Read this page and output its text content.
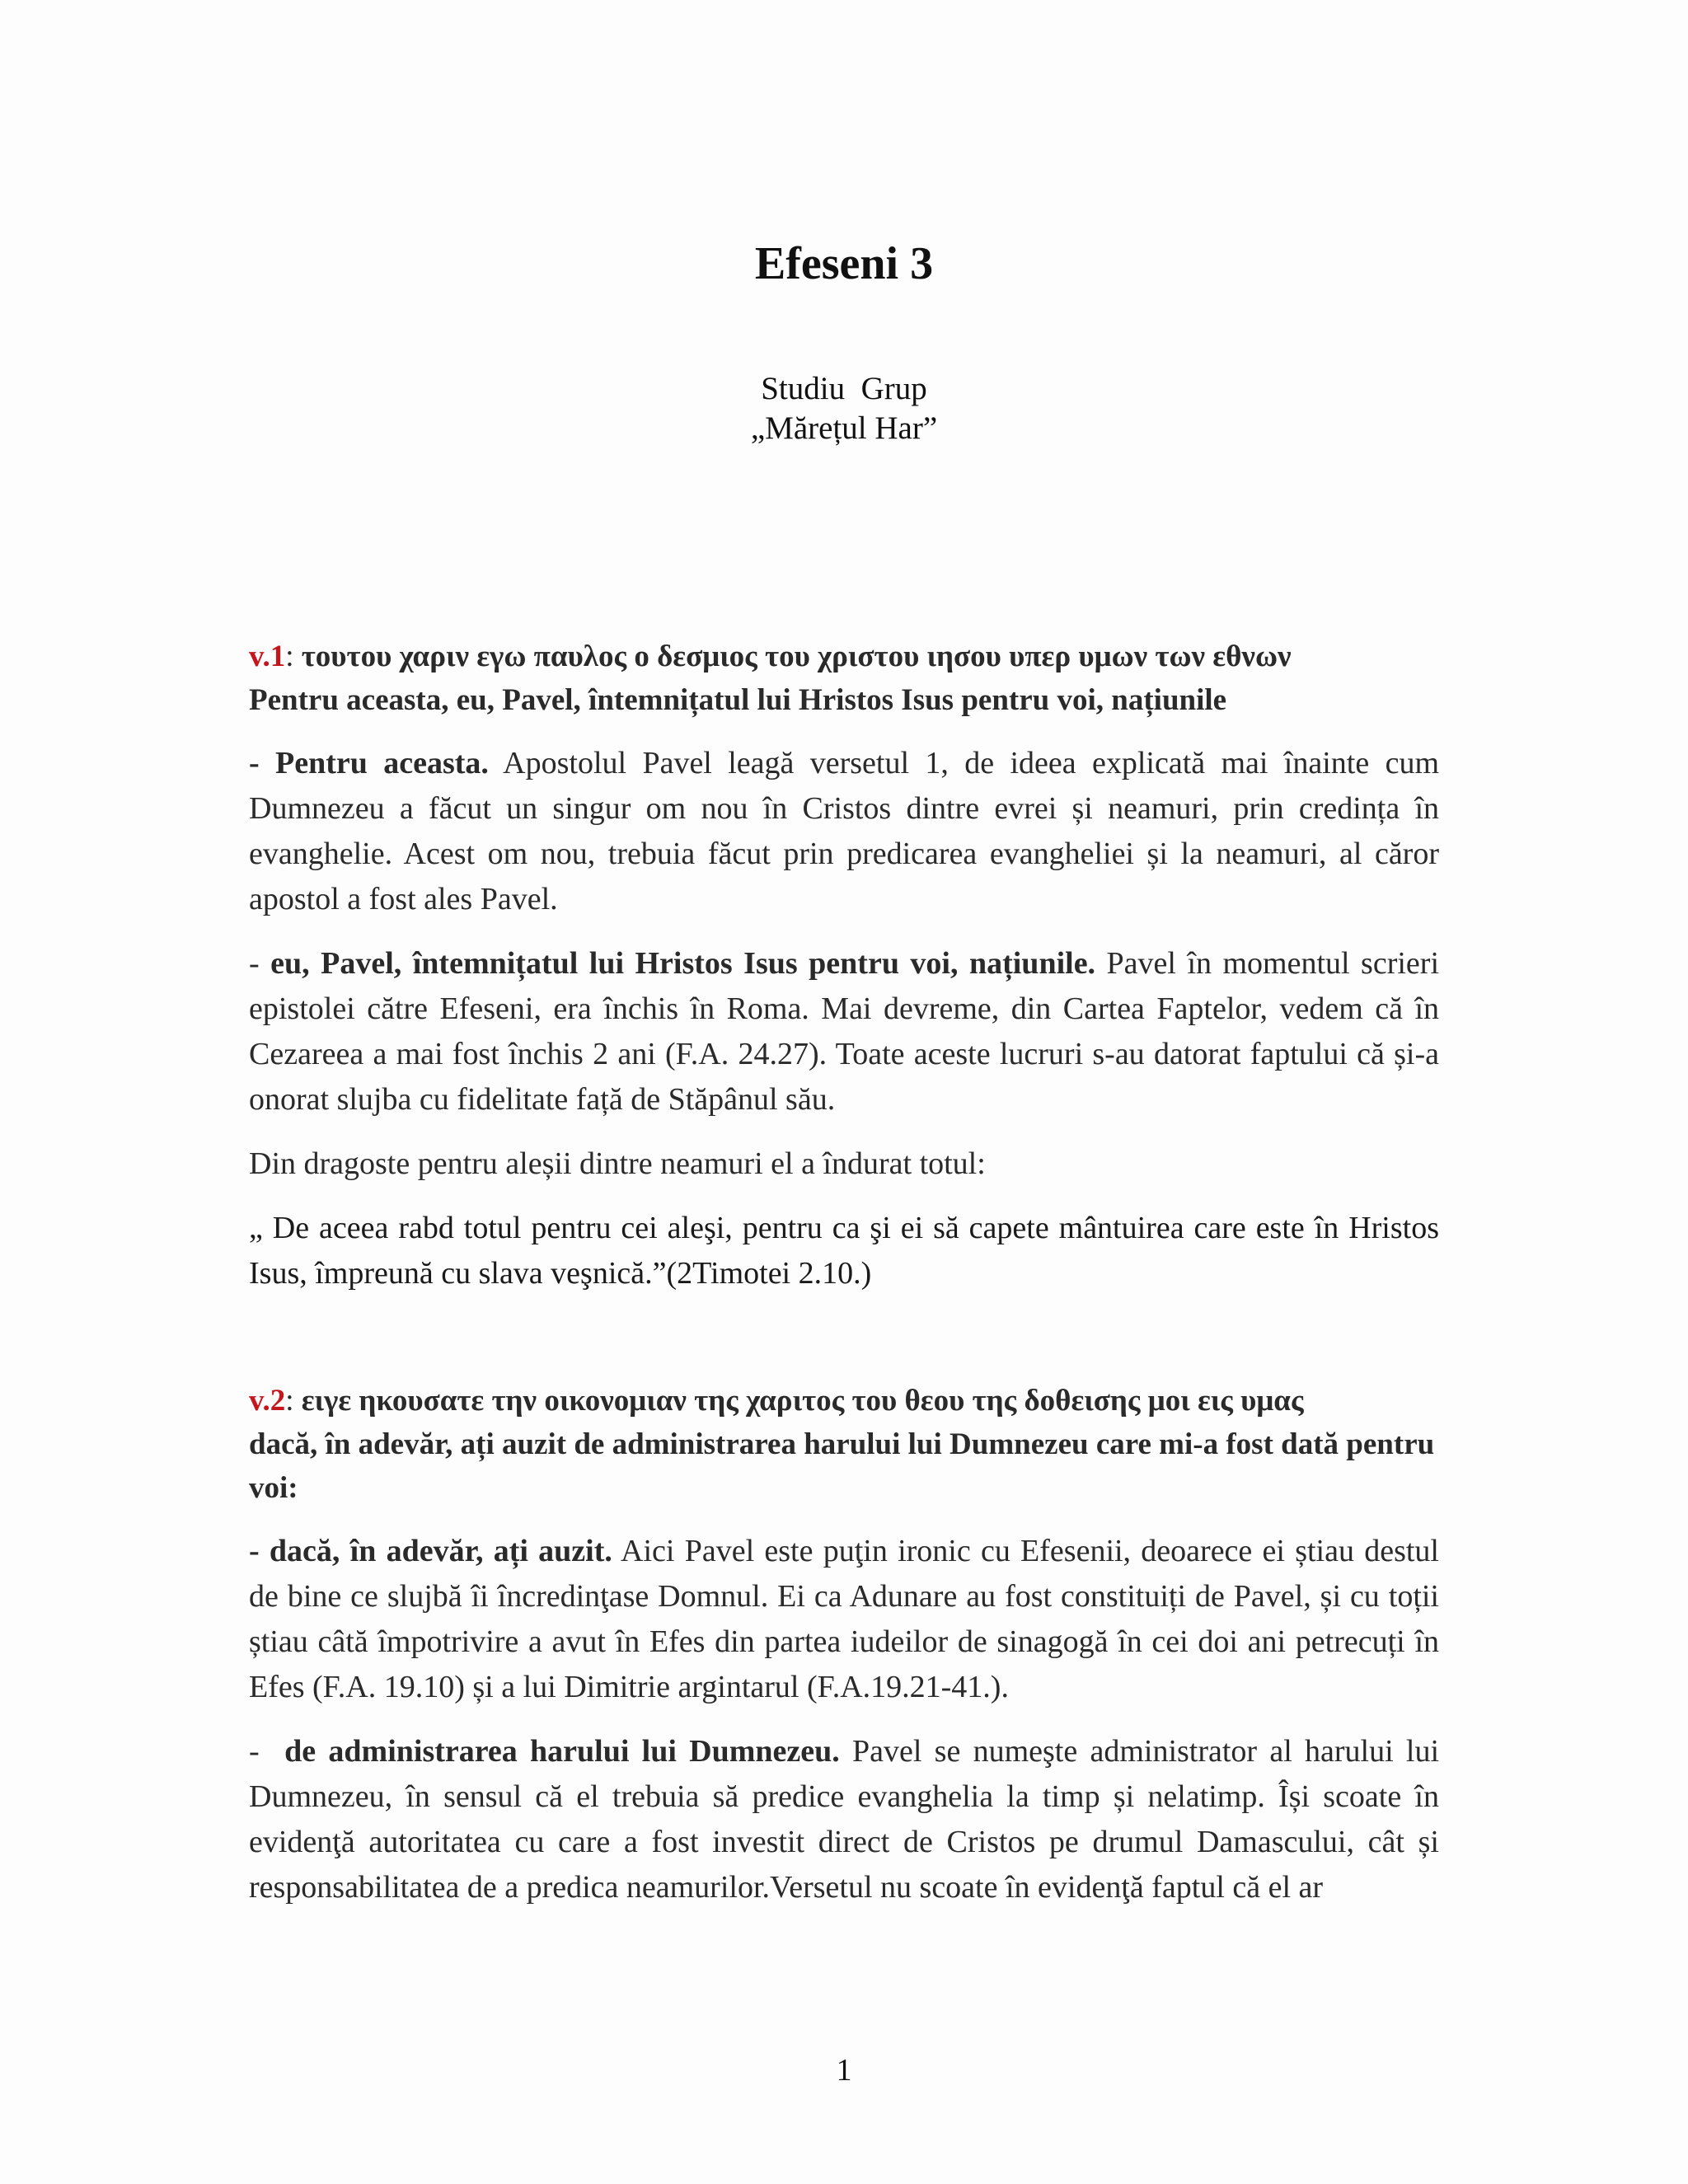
Efeseni 3
Studiu  Grup
„Mărețul Har”

v.1: τουτου χαριν εγω παυλος ο δεσμιος του χριστου ιησου υπερ υμων των εθνων
Pentru aceasta, eu, Pavel, întemnițatul lui Hristos Isus pentru voi, națiunile

- Pentru aceasta. Apostolul Pavel leagă versetul 1, de ideea explicată mai înainte cum Dumnezeu a făcut un singur om nou în Cristos dintre evrei și neamuri, prin credința în evanghelie. Acest om nou, trebuia făcut prin predicarea evangheliei și la neamuri, al căror apostol a fost ales Pavel.

- eu, Pavel, întemnițatul lui Hristos Isus pentru voi, națiunile. Pavel în momentul scrieri epistolei către Efeseni, era închis în Roma. Mai devreme, din Cartea Faptelor, vedem că în Cezareea a mai fost închis 2 ani (F.A. 24.27). Toate aceste lucruri s-au datorat faptului că și-a onorat slujba cu fidelitate față de Stăpânul său.

Din dragoste pentru aleșii dintre neamuri el a îndurat totul:

„ De aceea rabd totul pentru cei aleşi, pentru ca şi ei să capete mântuirea care este în Hristos Isus, împreună cu slava veşnică.”(2Timotei 2.10.)

v.2: ειγε ηκουσατε την οικονομιαν της χαριτος του θεου της δοθεισης μοι εις υμας
dacă, în adevăr, ați auzit de administrarea harului lui Dumnezeu care mi-a fost dată pentru voi:

- dacă, în adevăr, ați auzit. Aici Pavel este puţin ironic cu Efesenii, deoarece ei știau destul de bine ce slujbă îi încredinţase Domnul. Ei ca Adunare au fost constituiți de Pavel, și cu toții știau câtă împotrivire a avut în Efes din partea iudeilor de sinagogă în cei doi ani petrecuți în Efes (F.A. 19.10) și a lui Dimitrie argintarul (F.A.19.21-41.).

-  de administrarea harului lui Dumnezeu. Pavel se numeşte administrator al harului lui Dumnezeu, în sensul că el trebuia să predice evanghelia la timp și nelatimp. Își scoate în evidenţă autoritatea cu care a fost investit direct de Cristos pe drumul Damascului, cât și responsabilitatea de a predica neamurilor.Versetul nu scoate în evidenţă faptul că el ar

1
